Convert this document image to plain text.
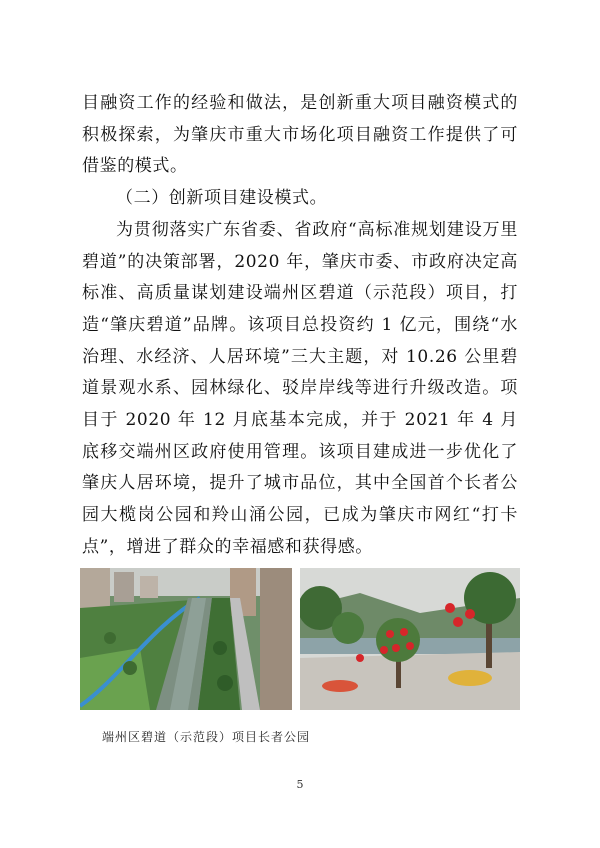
目融资工作的经验和做法，是创新重大项目融资模式的积极探索，为肇庆市重大市场化项目融资工作提供了可借鉴的模式。

（二）创新项目建设模式。

为贯彻落实广东省委、省政府“高标准规划建设万里碧道”的决策部署，2020 年，肇庆市委、市政府决定高标准、高质量谋划建设端州区碧道（示范段）项目，打造“肇庆碧道”品牌。该项目总投资约 1 亿元，围绕“水治理、水经济、人居环境”三大主题，对 10.26 公里碧道景观水系、园林绿化、驳岸岸线等进行升级改造。项目于 2020 年 12 月底基本完成，并于 2021 年 4 月底移交端州区政府使用管理。该项目建成进一步优化了肇庆人居环境，提升了城市品位，其中全国首个长者公园大榄岗公园和羚山涌公园，已成为肇庆市网红“打卡点”，增进了群众的幸福感和获得感。

端州区碧道（示范段）项目长者公园
5
